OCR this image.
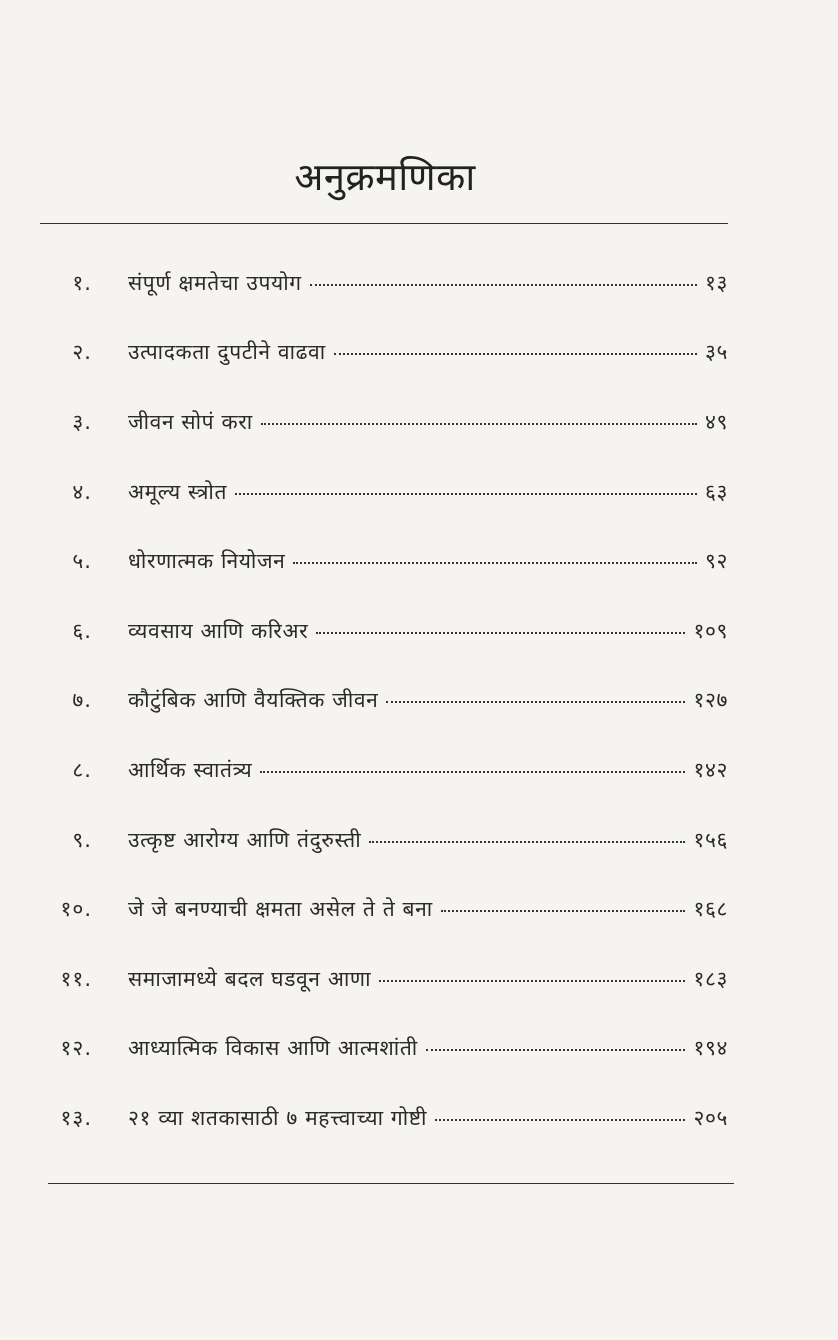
अनुक्रमणिका
१. संपूर्ण क्षमतेचा उपयोग	१३
२. उत्पादकता दुपटीने वाढवा	३५
३. जीवन सोपं करा	४९
४. अमूल्य स्त्रोत	६३
५. धोरणात्मक नियोजन	९२
६. व्यवसाय आणि करिअर	१०९
७. कौटुंबिक आणि वैयक्तिक जीवन	१२७
८. आर्थिक स्वातंत्र्य	१४२
९. उत्कृष्ट आरोग्य आणि तंदुरुस्ती	१५६
१०. जे जे बनण्याची क्षमता असेल ते ते बना	१६८
११. समाजामध्ये बदल घडवून आणा	१८३
१२. आध्यात्मिक विकास आणि आत्मशांती	१९४
१३. २१ व्या शतकासाठी ७ महत्त्वाच्या गोष्टी	२०५
